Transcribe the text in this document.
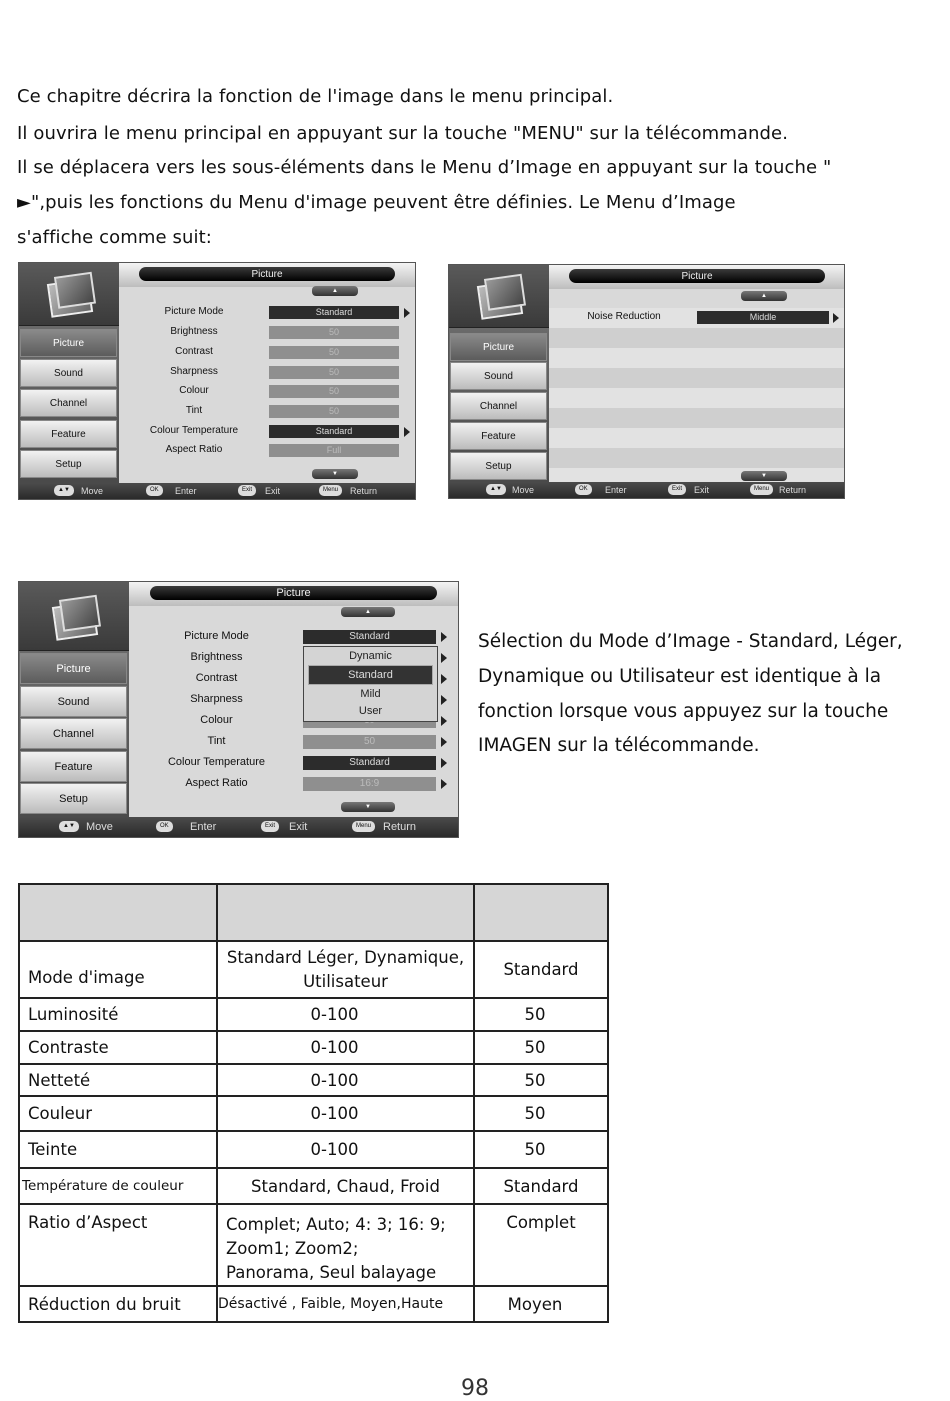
Ce chapitre décrira la fonction de l'image dans le menu principal.
Il ouvrira le menu principal en appuyant sur la touche "MENU" sur la télécommande.
Il se déplacera vers les sous-éléments dans le Menu d’Image en appuyant sur la touche "
►",puis les fonctions du Menu d'image peuvent être définies. Le Menu d’Image
s'affiche comme suit:
Picture
Sound
Channel
Feature
Setup
Picture
▲
Picture Mode	Standard
Brightness	50
Contrast	50
Sharpness	50
Colour	50
Tint	50
Colour Temperature	Standard
Aspect Ratio	Full
▼
▲▼	Move	OK	Enter	Exit	Exit	Menu	Return
Picture
Sound
Channel
Feature
Setup
Picture
▲
Noise Reduction	Middle
▼
▲▼	Move	OK	Enter	Exit	Exit	Menu	Return
Picture
Sound
Channel
Feature
Setup
Picture
▲
Picture Mode	Standard
Brightness
Contrast
Sharpness
Colour
Tint	50
Colour Temperature	Standard
Aspect Ratio	16:9
Dynamic
Standard
Mild
User
▼
▲▼	Move	OK	Enter	Exit	Exit	Menu	Return
Sélection du Mode d’Image - Standard, Léger,
Dynamique ou Utilisateur est identique à la
fonction lorsque vous appuyez sur la touche
IMAGEN sur la télécommande.

Mode d'image	Standard Léger, Dynamique, Utilisateur	Standard
Luminosité	0-100	50
Contraste	0-100	50
Netteté	0-100	50
Couleur	0-100	50
Teinte	0-100	50
Température de couleur	Standard, Chaud, Froid	Standard
Ratio d’Aspect	Complet; Auto; 4: 3; 16: 9;
Zoom1; Zoom2;
Panorama, Seul balayage	Complet
Réduction du bruit	Désactivé , Faible, Moyen,Haute	Moyen
98
